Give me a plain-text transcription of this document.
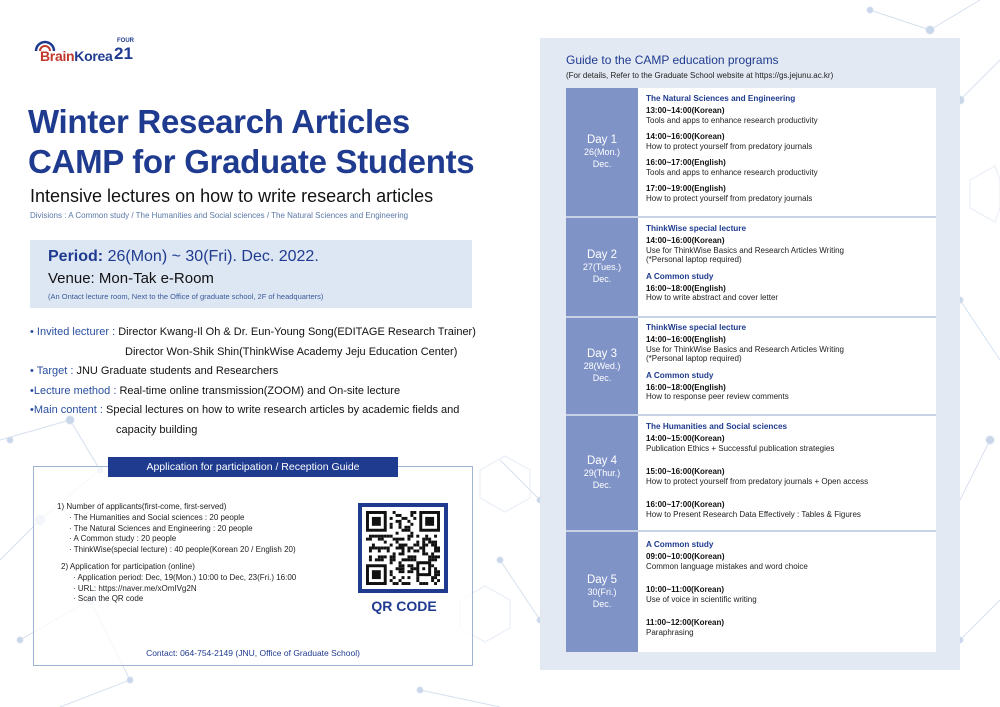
BrainKorea
FOUR
21
Winter Research Articles
CAMP for Graduate Students
Intensive lectures on how to write research articles
Divisions : A Common study / The Humanities and Social sciences / The Natural Sciences and Engineering
Period: 26(Mon) ~ 30(Fri). Dec. 2022.
Venue: Mon-Tak e-Room
(An Ontact lecture room, Next to the Office of graduate school, 2F of headquarters)
• Invited lecturer : Director Kwang-Il Oh & Dr. Eun-Young Song(EDITAGE Research Trainer)
Director Won-Shik Shin(ThinkWise Academy Jeju Education Center)
• Target : JNU Graduate students and Researchers
•Lecture method : Real-time online transmission(ZOOM) and On-site lecture
•Main content : Special lectures on how to write research articles by academic fields and
capacity building
Application for participation / Reception Guide
1) Number of applicants(first-come, first-served)
· The Humanities and Social sciences : 20 people
· The Natural Sciences and Engineering : 20 people
· A Common study : 20 people
· ThinkWise(special lecture) : 40 people(Korean 20 / English 20)
2) Application for participation (online)
· Application period: Dec, 19(Mon.) 10:00 to Dec, 23(Fri.) 16:00
· URL: https://naver.me/xOmIVg2N
· Scan the QR code	QR CODE
Contact: 064-754-2149 (JNU, Office of Graduate School)
Guide to the CAMP education programs
(For details, Refer to the Graduate School website at https://gs.jejunu.ac.kr)
Day 1
26(Mon.)
Dec.
The Natural Sciences and Engineering
13:00~14:00(Korean)
Tools and apps to enhance research productivity
14:00~16:00(Korean)
How to protect yourself from predatory journals
16:00~17:00(English)
Tools and apps to enhance research productivity
17:00~19:00(English)
How to protect yourself from predatory journals
Day 2
27(Tues.)
Dec.
ThinkWise special lecture
14:00~16:00(Korean)
Use for ThinkWise Basics and Research Articles Writing
(*Personal laptop required)
A Common study
16:00~18:00(English)
How to write abstract and cover letter
Day 3
28(Wed.)
Dec.
ThinkWise special lecture
14:00~16:00(English)
Use for ThinkWise Basics and Research Articles Writing
(*Personal laptop required)
A Common study
16:00~18:00(English)
How to response peer review comments
Day 4
29(Thur.)
Dec.
The Humanities and Social sciences
14:00~15:00(Korean)
Publication Ethics + Successful publication strategies
15:00~16:00(Korean)
How to protect yourself from predatory journals + Open access
16:00~17:00(Korean)
How to Present Research Data Effectively : Tables & Figures
Day 5
30(Fri.)
Dec.
A Common study
09:00~10:00(Korean)
Common language mistakes and word choice
10:00~11:00(Korean)
Use of voice in scientific writing
11:00~12:00(Korean)
Paraphrasing
